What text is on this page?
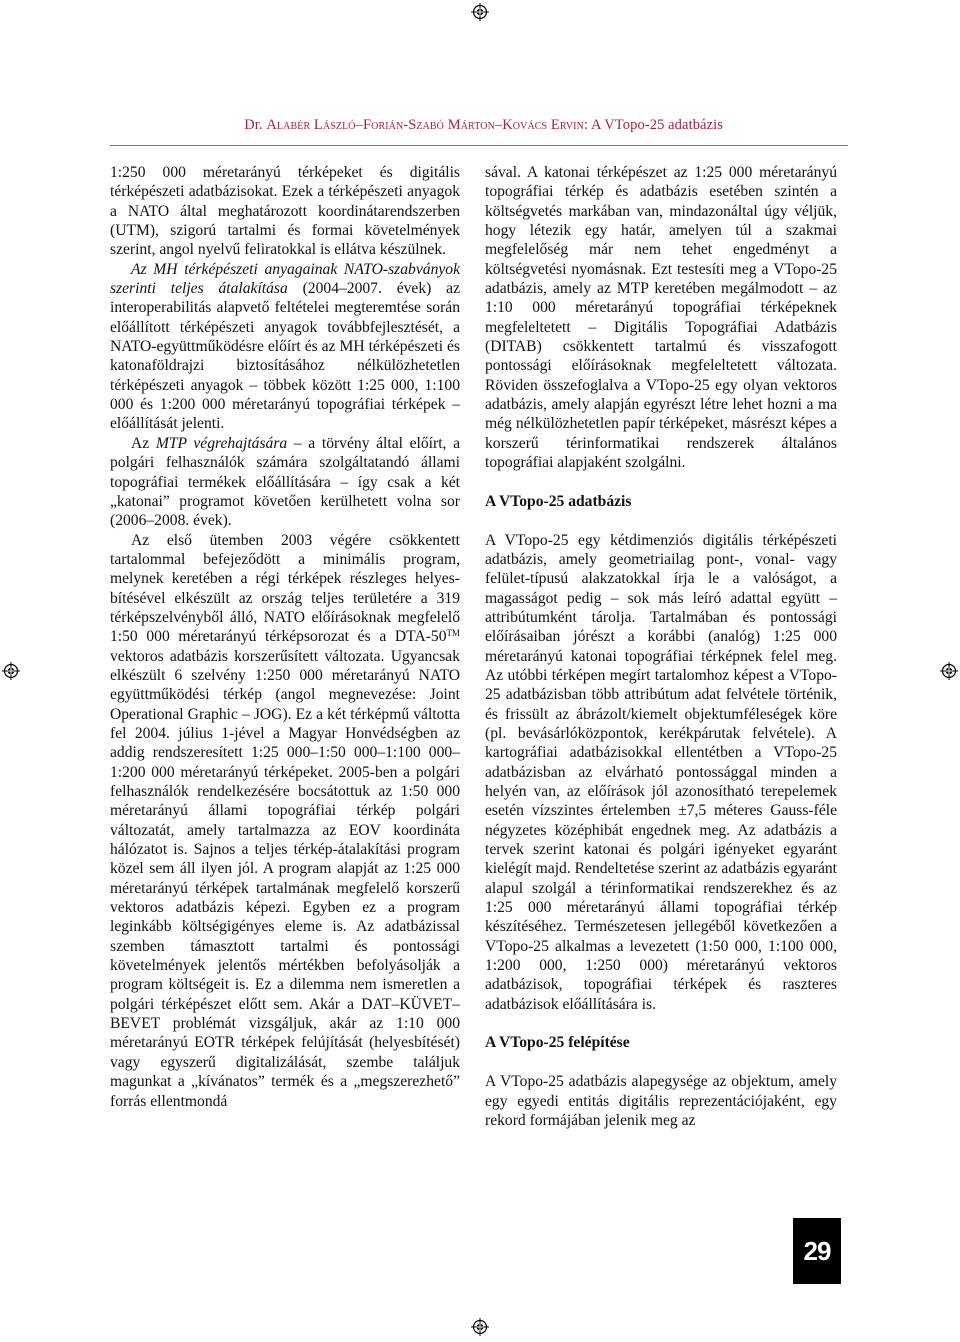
Dr. Alabér László–Forián-Szabó Márton–Kovács Ervin: A VTopo-25 adatbázis

1:250 000 méretarányú térképeket és digitális térképészeti adatbázisokat. Ezek a térképészeti anyagok a NATO által meghatározott koordinátarendszerben (UTM), szigorú tartalmi és formai követelmények szerint, angol nyelvű feliratokkal is ellátva készülnek.

Az MH térképészeti anyagainak NATO-szabványok szerinti teljes átalakítása (2004–2007. évek) az interoperabilitás alapvető feltételei megteremtése során előállított térképészeti anyagok továbbfejlesztését, a NATO-együttműködésre előírt és az MH térképészeti és katonaföldrajzi biztosításához nélkülözhetetlen térképészeti anyagok – többek között 1:25 000, 1:100 000 és 1:200 000 méretarányú topográfiai térképek – előállítását jelenti.

Az MTP végrehajtására – a törvény által előírt, a polgári felhasználók számára szolgáltatandó állami topográfiai termékek előállítására – így csak a két „katonai” programot követően kerülhetett volna sor (2006–2008. évek).

Az első ütemben 2003 végére csökkentett tartalommal befejeződött a minimális program, melynek keretében a régi térképek részleges helyesbítésével elkészült az ország teljes területére a 319 térképszelvényből álló, NATO előírásoknak megfelelő 1:50 000 méretarányú térképsorozat és a DTA-50™ vektoros adatbázis korszerűsített változata. Ugyancsak elkészült 6 szelvény 1:250 000 méretarányú NATO együttműködési térkép (angol megnevezése: Joint Operational Graphic – JOG). Ez a két térképmű váltotta fel 2004. július 1-jével a Magyar Honvédségben az addig rendszeresített 1:25 000–1:50 000–1:100 000–1:200 000 méretarányú térképeket. 2005-ben a polgári felhasználók rendelkezésére bocsátottuk az 1:50 000 méretarányú állami topográfiai térkép polgári változatát, amely tartalmazza az EOV koordináta hálózatot is. Sajnos a teljes térkép-átalakítási program közel sem áll ilyen jól. A program alapját az 1:25 000 méretarányú térképek tartalmának megfelelő korszerű vektoros adatbázis képezi. Egyben ez a program leginkább költségigényes eleme is. Az adatbázissal szemben támasztott tartalmi és pontossági követelmények jelentős mértékben befolyásolják a program költségeit is. Ez a dilemma nem ismeretlen a polgári térképészet előtt sem. Akár a DAT–KÜVET–BEVET problémát vizsgáljuk, akár az 1:10 000 méretarányú EOTR térképek felújítását (helyesbítését) vagy egyszerű digitalizálását, szembe találjuk magunkat a „kívánatos” termék és a „megszerezhető” forrás ellentmondá

sával. A katonai térképészet az 1:25 000 méretarányú topográfiai térkép és adatbázis esetében szintén a költségvetés markában van, mindazonáltal úgy véljük, hogy létezik egy határ, amelyen túl a szakmai megfelelőség már nem tehet engedményt a költségvetési nyomásnak. Ezt testesíti meg a VTopo-25 adatbázis, amely az MTP keretében megálmodott – az 1:10 000 méretarányú topográfiai térképeknek megfeleltetett – Digitális Topográfiai Adatbázis (DITAB) csökkentett tartalmú és visszafogott pontossági előírásoknak megfeleltetett változata. Röviden összefoglalva a VTopo-25 egy olyan vektoros adatbázis, amely alapján egyrészt létre lehet hozni a ma még nélkülözhetetlen papír térképeket, másrészt képes a korszerű térinformatikai rendszerek általános topográfiai alapjaként szolgálni.

A VTopo-25 adatbázis

A VTopo-25 egy kétdimenziós digitális térképészeti adatbázis, amely geometriailag pont-, vonal- vagy felület-típusú alakzatokkal írja le a valóságot, a magasságot pedig – sok más leíró adattal együtt – attribútumként tárolja. Tartalmában és pontossági előírásaiban jórészt a korábbi (analóg) 1:25 000 méretarányú katonai topográfiai térképnek felel meg. Az utóbbi térképen megírt tartalomhoz képest a VTopo-25 adatbázisban több attribútum adat felvétele történik, és frissült az ábrázolt/kiemelt objektumféleségek köre (pl. bevásárlóközpontok, kerékpárutak felvétele). A kartográfiai adatbázisokkal ellentétben a VTopo-25 adatbázisban az elvárható pontossággal minden a helyén van, az előírások jól azonosítható terepelemek esetén vízszintes értelemben ±7,5 méteres Gauss-féle négyzetes középhibát engednek meg. Az adatbázis a tervek szerint katonai és polgári igényeket egyaránt kielégít majd. Rendeltetése szerint az adatbázis egyaránt alapul szolgál a térinformatikai rendszerekhez és az 1:25 000 méretarányú állami topográfiai térkép készítéséhez. Természetesen jellegéből következően a VTopo-25 alkalmas a levezetett (1:50 000, 1:100 000, 1:200 000, 1:250 000) méretarányú vektoros adatbázisok, topográfiai térképek és raszteres adatbázisok előállítására is.

A VTopo-25 felépítése

A VTopo-25 adatbázis alapegysége az objektum, amely egy egyedi entitás digitális reprezentációjaként, egy rekord formájában jelenik meg az

29
